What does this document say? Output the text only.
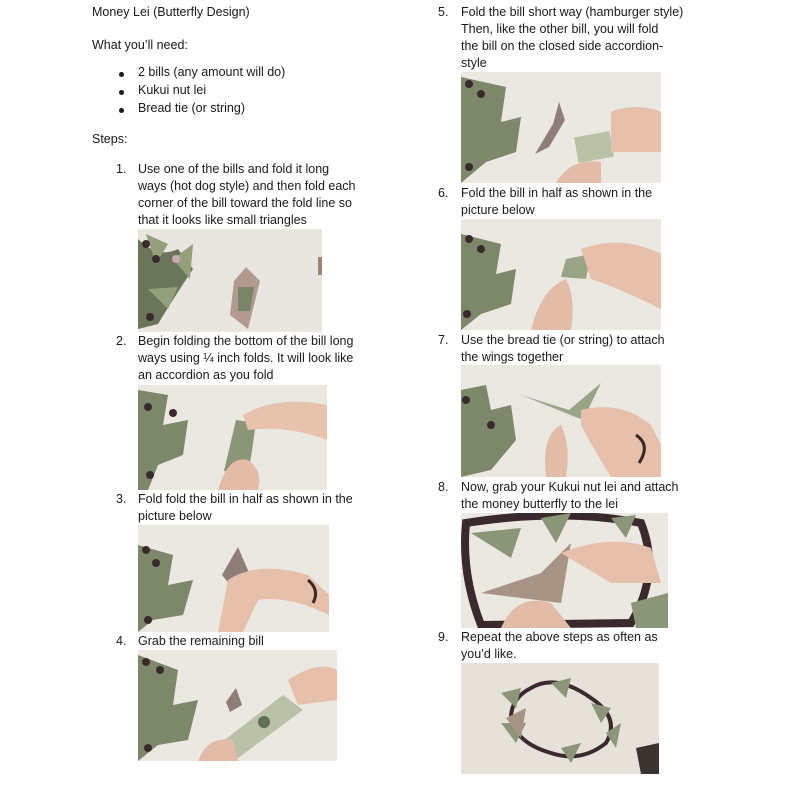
Money Lei (Butterfly Design)
What you’ll need:
2 bills (any amount will do)
Kukui nut lei
Bread tie (or string)
Steps:
1. Use one of the bills and fold it long
ways (hot dog style) and then fold each
corner of the bill toward the fold line so
that it looks like small triangles
2. Begin folding the bottom of the bill long
ways using ¼ inch folds. It will look like
an accordion as you fold
3. Fold fold the bill in half as shown in the
picture below
4. Grab the remaining bill
5. Fold the bill short way (hamburger style)
Then, like the other bill, you will fold
the bill on the closed side accordion-
style
6. Fold the bill in half as shown in the
picture below
7. Use the bread tie (or string) to attach
the wings together
8. Now, grab your Kukui nut lei and attach
the money butterfly to the lei
9. Repeat the above steps as often as
you’d like.
